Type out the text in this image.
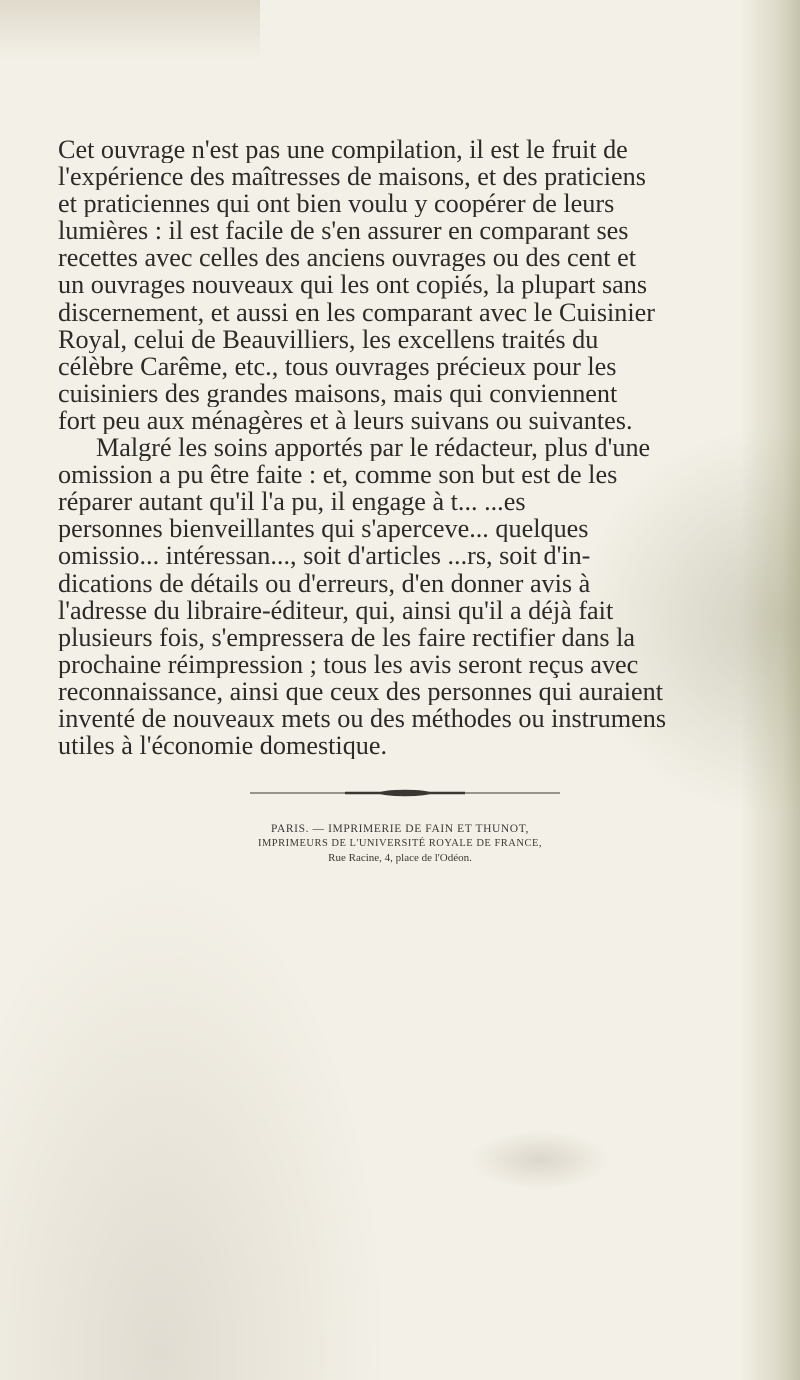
Cet ouvrage n'est pas une compilation, il est le fruit de
l'expérience des maîtresses de maisons, et des praticiens
et praticiennes qui ont bien voulu y coopérer de leurs
lumières : il est facile de s'en assurer en comparant ses
recettes avec celles des anciens ouvrages ou des cent et
un ouvrages nouveaux qui les ont copiés, la plupart sans
discernement, et aussi en les comparant avec le Cuisinier
Royal, celui de Beauvilliers, les excellens traités du
célèbre Carême, etc., tous ouvrages précieux pour les
cuisiniers des grandes maisons, mais qui conviennent
fort peu aux ménagères et à leurs suivans ou suivantes.
Malgré les soins apportés par le rédacteur, plus d'une
omission a pu être faite : et, comme son but est de les
réparer autant qu'il l'a pu, il engage à t... ...es
personnes bienveillantes qui s'aperceve... quelques
omissio... intéressan..., soit d'articles ...rs, soit d'in-
dications de détails ou d'erreurs, d'en donner avis à
l'adresse du libraire-éditeur, qui, ainsi qu'il a déjà fait
plusieurs fois, s'empressera de les faire rectifier dans la
prochaine réimpression ; tous les avis seront reçus avec
reconnaissance, ainsi que ceux des personnes qui auraient
inventé de nouveaux mets ou des méthodes ou instrumens
utiles à l'économie domestique.
PARIS. — IMPRIMERIE DE FAIN ET THUNOT,
IMPRIMEURS DE L'UNIVERSITÉ ROYALE DE FRANCE,
Rue Racine, 4, place de l'Odéon.
